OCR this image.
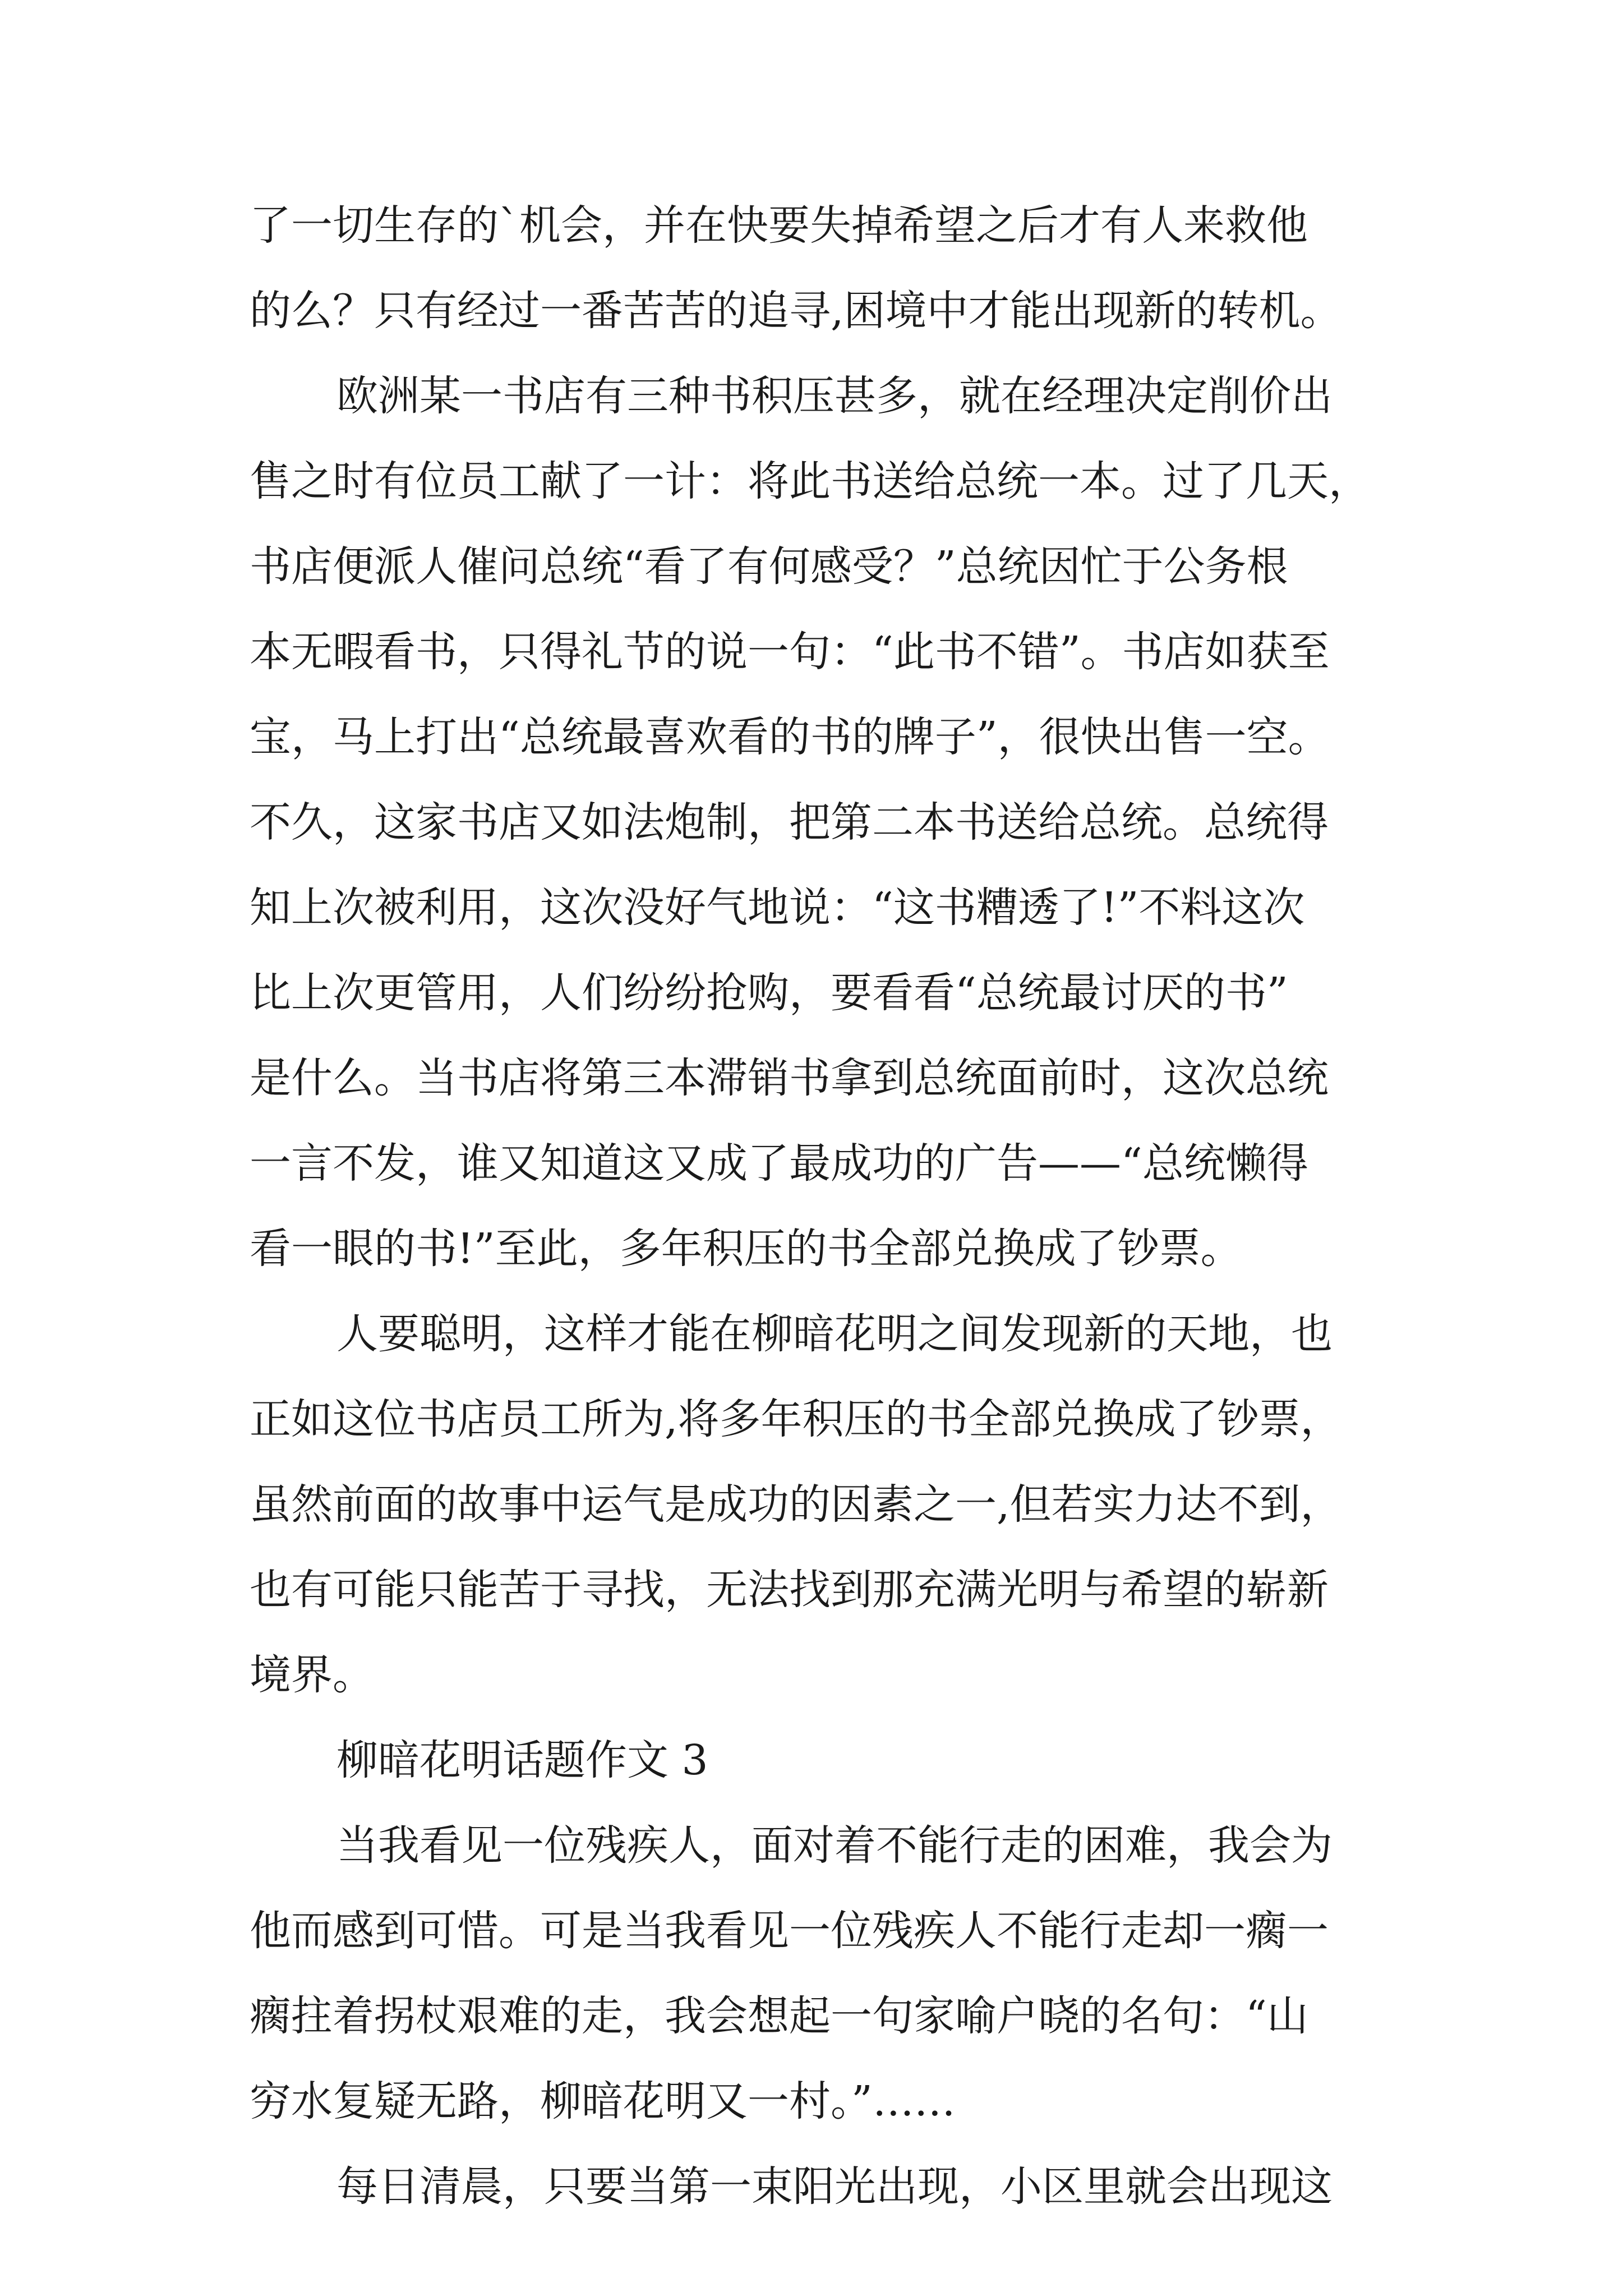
了一切生存的`机会，并在快要失掉希望之后才有人来救他

的么？只有经过一番苦苦的追寻,困境中才能出现新的转机。

欧洲某一书店有三种书积压甚多，就在经理决定削价出

售之时有位员工献了一计：将此书送给总统一本。过了几天，

书店便派人催问总统“看了有何感受？”总统因忙于公务根

本无暇看书，只得礼节的说一句：“此书不错”。书店如获至

宝，马上打出“总统最喜欢看的书的牌子”，很快出售一空。

不久，这家书店又如法炮制，把第二本书送给总统。总统得

知上次被利用，这次没好气地说：“这书糟透了!”不料这次

比上次更管用，人们纷纷抢购，要看看“总统最讨厌的书”

是什么。当书店将第三本滞销书拿到总统面前时，这次总统

一言不发，谁又知道这又成了最成功的广告——“总统懒得

看一眼的书!”至此，多年积压的书全部兑换成了钞票。

人要聪明，这样才能在柳暗花明之间发现新的天地，也

正如这位书店员工所为,将多年积压的书全部兑换成了钞票，

虽然前面的故事中运气是成功的因素之一,但若实力达不到，

也有可能只能苦于寻找，无法找到那充满光明与希望的崭新

境界。

柳暗花明话题作文 3

当我看见一位残疾人，面对着不能行走的困难，我会为

他而感到可惜。可是当我看见一位残疾人不能行走却一瘸一

瘸拄着拐杖艰难的走，我会想起一句家喻户晓的名句：“山

穷水复疑无路，柳暗花明又一村。”……

每日清晨，只要当第一束阳光出现，小区里就会出现这
